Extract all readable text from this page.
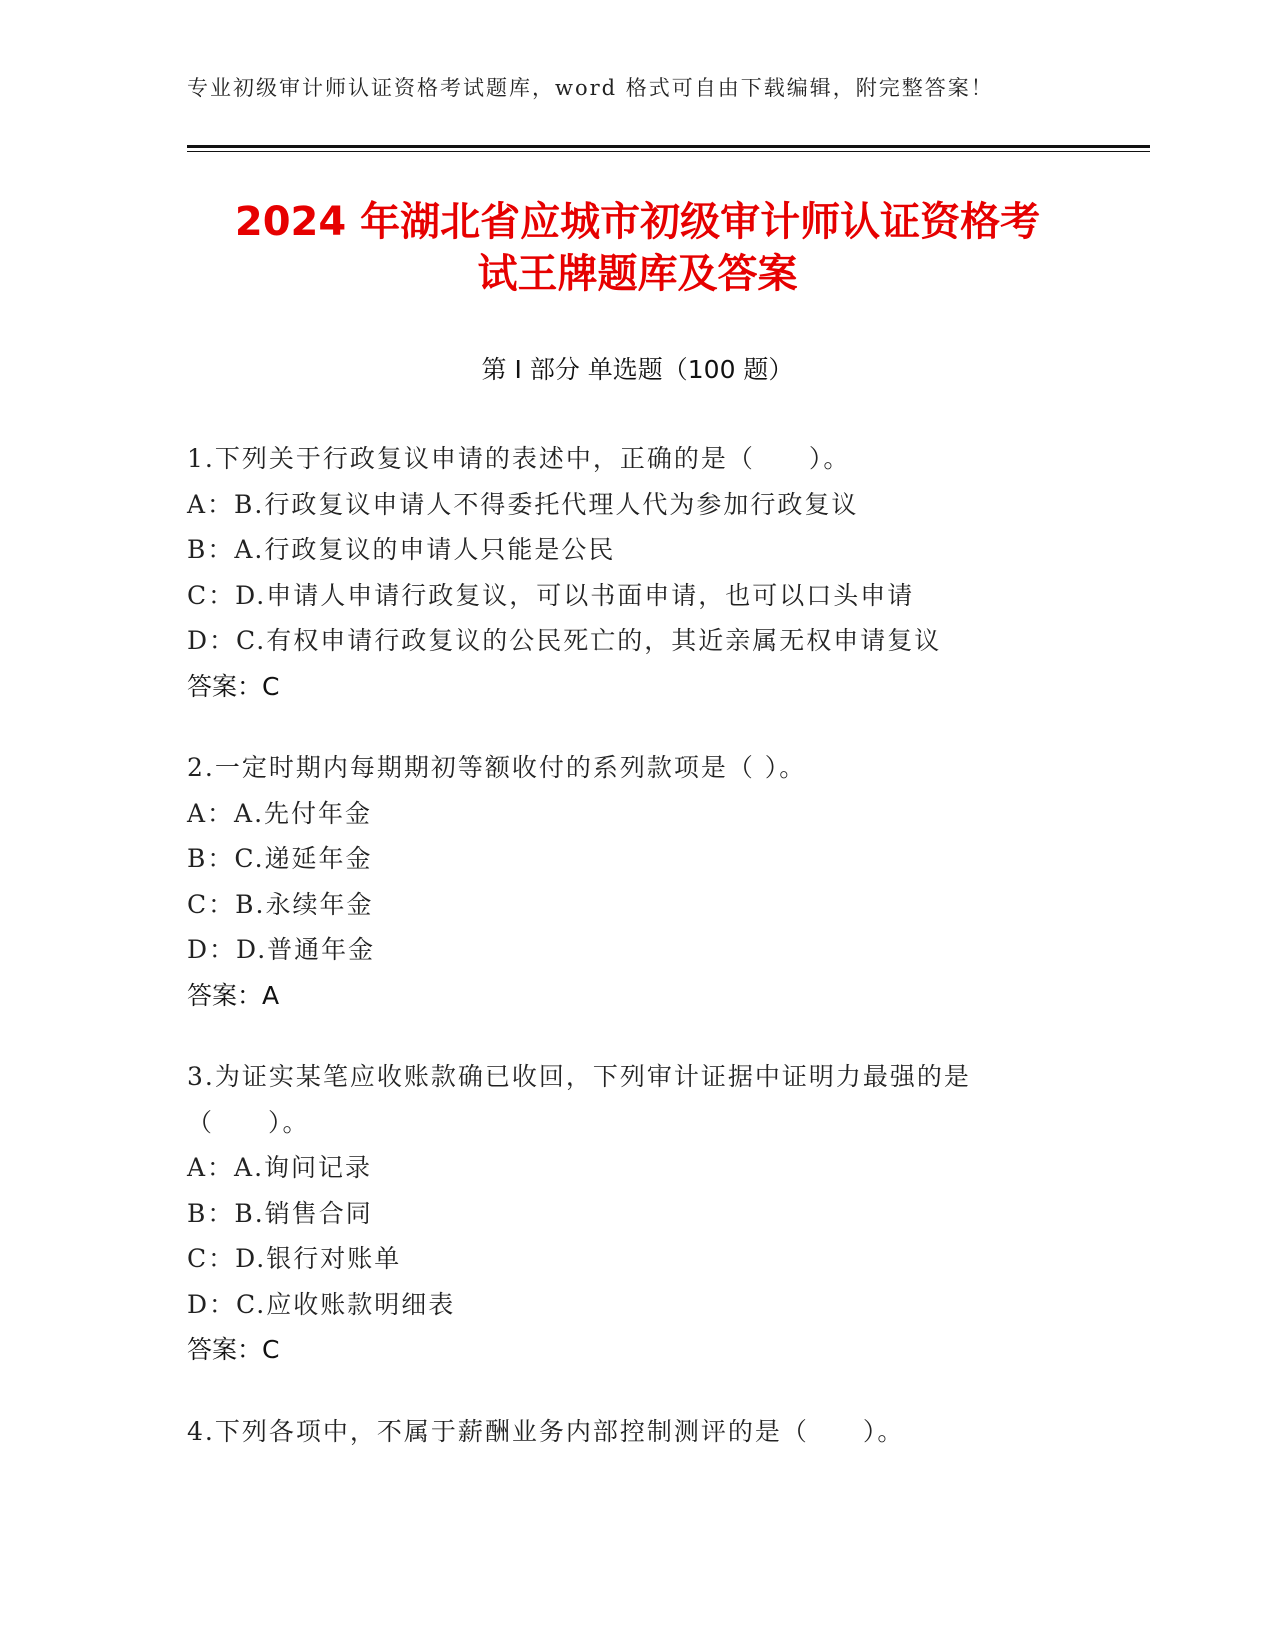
专业初级审计师认证资格考试题库，word 格式可自由下载编辑，附完整答案！
2024 年湖北省应城市初级审计师认证资格考
试王牌题库及答案
第 I 部分 单选题（100 题）
1.下列关于行政复议申请的表述中，正确的是（　　）。
A：B.行政复议申请人不得委托代理人代为参加行政复议
B：A.行政复议的申请人只能是公民
C：D.申请人申请行政复议，可以书面申请，也可以口头申请
D：C.有权申请行政复议的公民死亡的，其近亲属无权申请复议
答案：C
2.一定时期内每期期初等额收付的系列款项是（ ）。
A：A.先付年金
B：C.递延年金
C：B.永续年金
D：D.普通年金
答案：A
3.为证实某笔应收账款确已收回，下列审计证据中证明力最强的是
（　　）。
A：A.询问记录
B：B.销售合同
C：D.银行对账单
D：C.应收账款明细表
答案：C
4.下列各项中，不属于薪酬业务内部控制测评的是（　　）。
